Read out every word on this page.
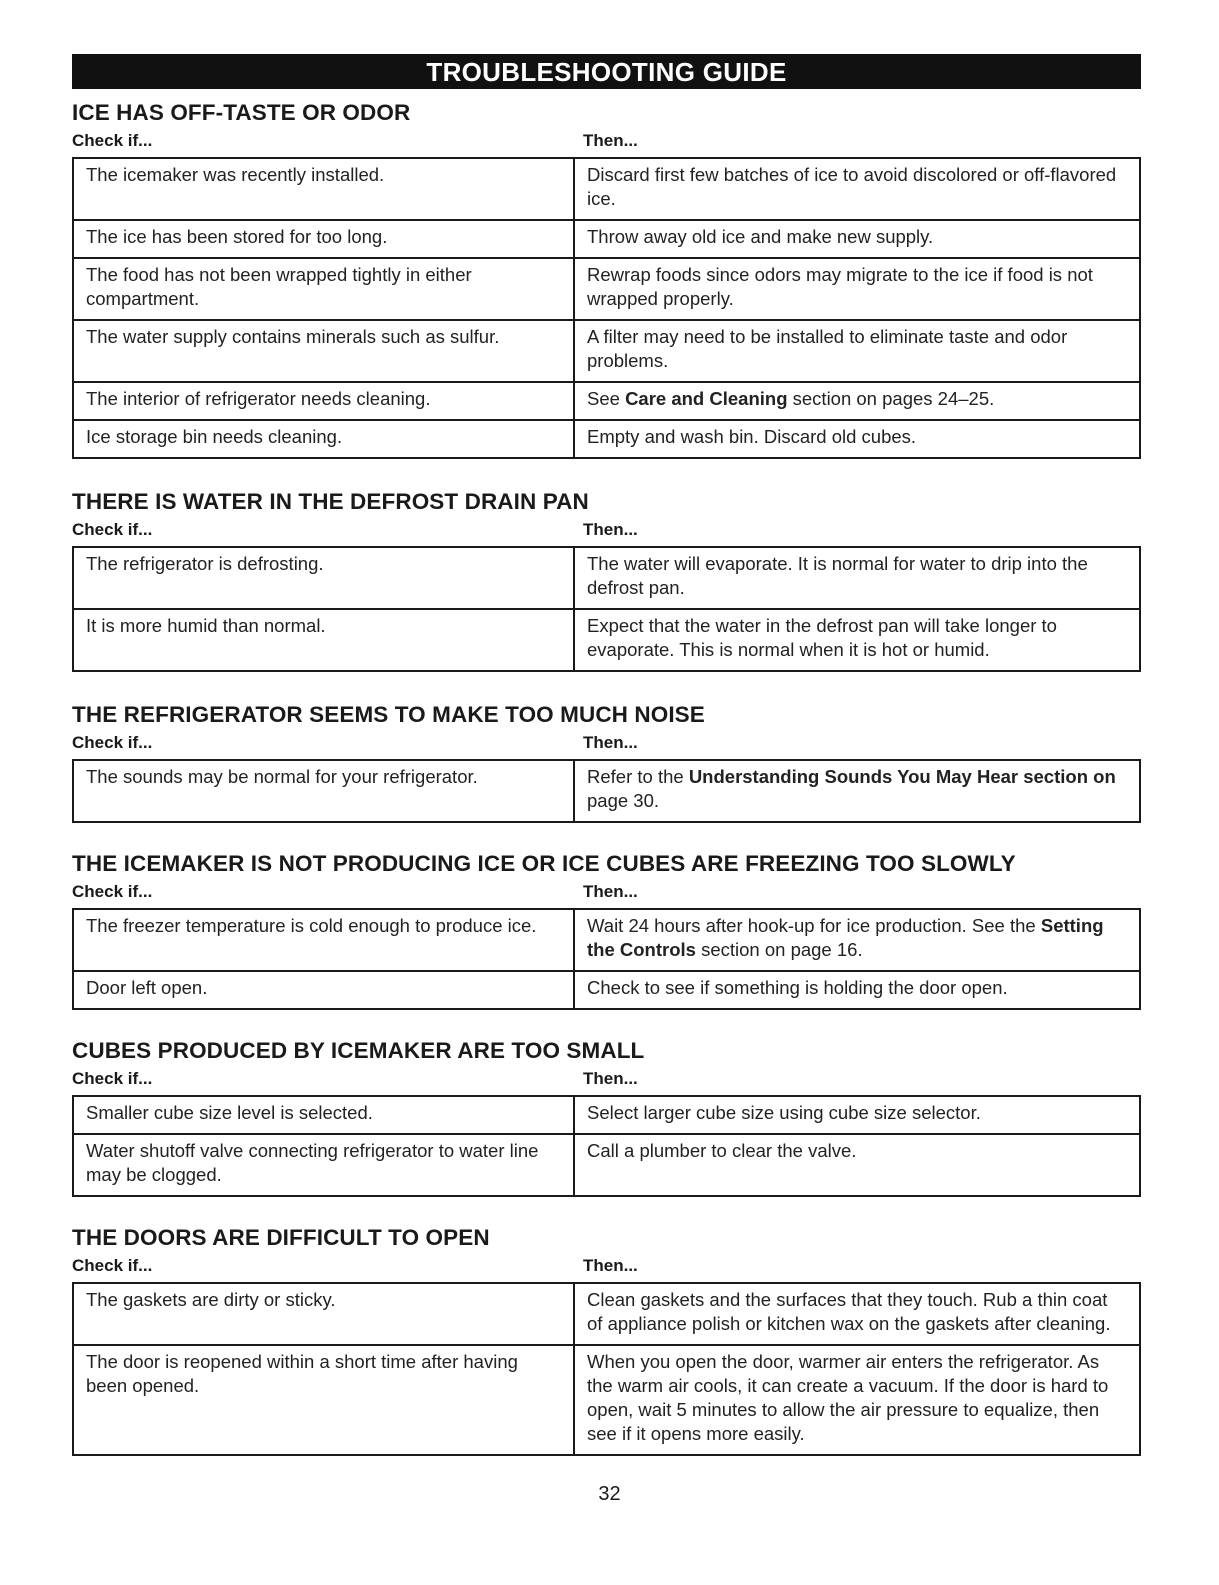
TROUBLESHOOTING GUIDE
ICE HAS OFF-TASTE OR ODOR
Check if...	Then...
The icemaker was recently installed.	Discard first few batches of ice to avoid discolored or off-flavored ice.
The ice has been stored for too long.	Throw away old ice and make new supply.
The food has not been wrapped tightly in either compartment.	Rewrap foods since odors may migrate to the ice if food is not wrapped properly.
The water supply contains minerals such as sulfur.	A filter may need to be installed to eliminate taste and odor problems.
The interior of refrigerator needs cleaning.	See Care and Cleaning section on pages 24–25.
Ice storage bin needs cleaning.	Empty and wash bin. Discard old cubes.
THERE IS WATER IN THE DEFROST DRAIN PAN
Check if...	Then...
The refrigerator is defrosting.	The water will evaporate. It is normal for water to drip into the defrost pan.
It is more humid than normal.	Expect that the water in the defrost pan will take longer to evaporate. This is normal when it is hot or humid.
THE REFRIGERATOR SEEMS TO MAKE TOO MUCH NOISE
Check if...	Then...
The sounds may be normal for your refrigerator.	Refer to the Understanding Sounds You May Hear section on page 30.
THE ICEMAKER IS NOT PRODUCING ICE OR ICE CUBES ARE FREEZING TOO SLOWLY
Check if...	Then...
The freezer temperature is cold enough to produce ice.	Wait 24 hours after hook-up for ice production. See the Setting the Controls section on page 16.
Door left open.	Check to see if something is holding the door open.
CUBES PRODUCED BY ICEMAKER ARE TOO SMALL
Check if...	Then...
Smaller cube size level is selected.	Select larger cube size using cube size selector.
Water shutoff valve connecting refrigerator to water line may be clogged.	Call a plumber to clear the valve.
THE DOORS ARE DIFFICULT TO OPEN
Check if...	Then...
The gaskets are dirty or sticky.	Clean gaskets and the surfaces that they touch. Rub a thin coat of appliance polish or kitchen wax on the gaskets after cleaning.
The door is reopened within a short time after having been opened.	When you open the door, warmer air enters the refrigerator. As the warm air cools, it can create a vacuum. If the door is hard to open, wait 5 minutes to allow the air pressure to equalize, then see if it opens more easily.
32
